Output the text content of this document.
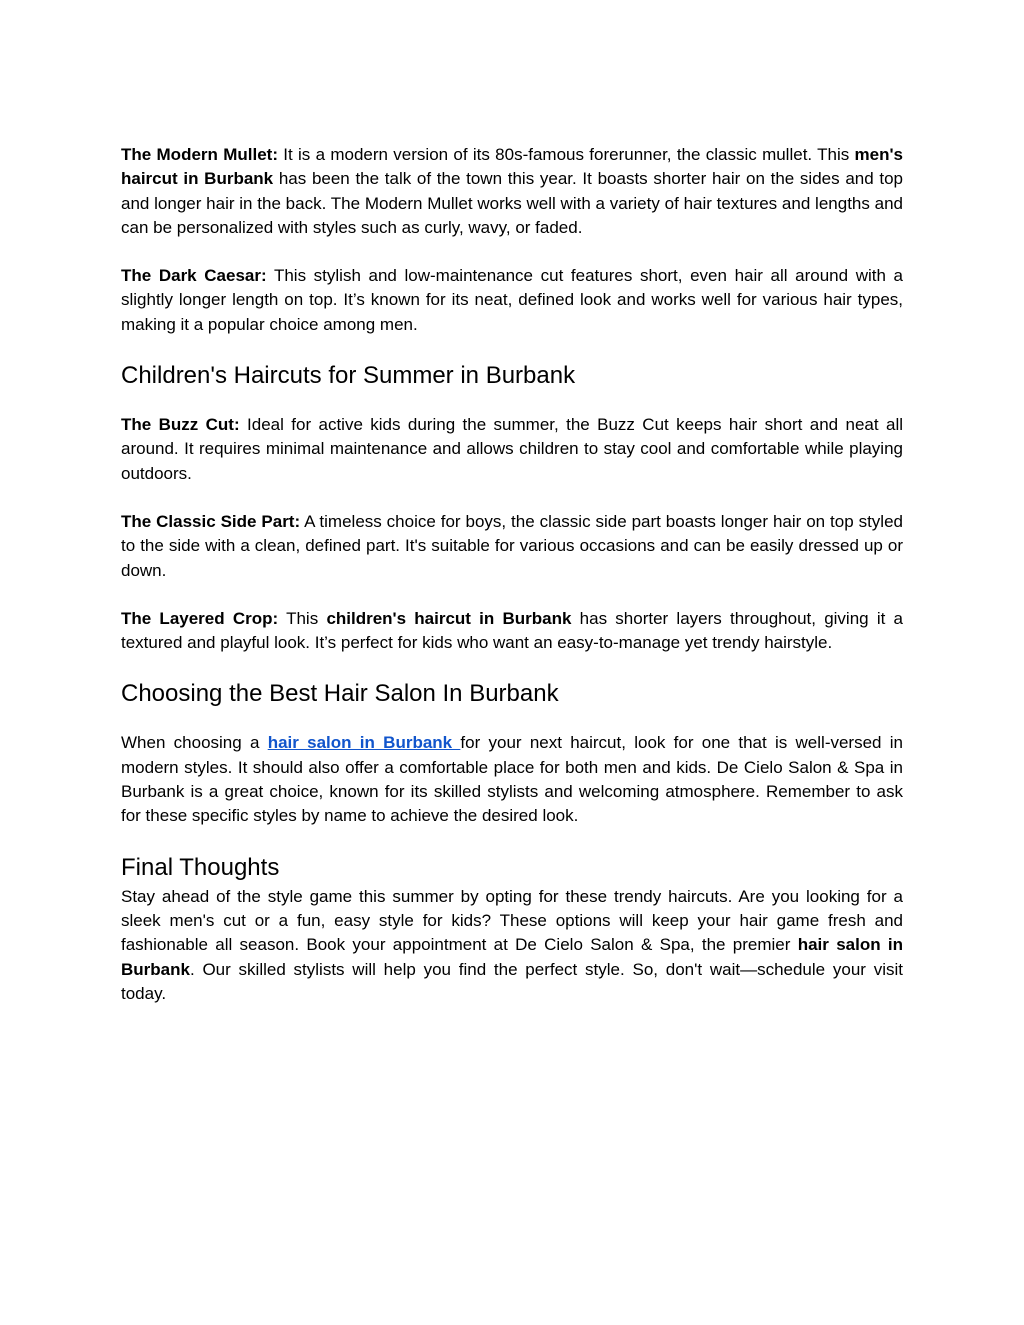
The Modern Mullet: It is a modern version of its 80s-famous forerunner, the classic mullet. This men's haircut in Burbank has been the talk of the town this year. It boasts shorter hair on the sides and top and longer hair in the back. The Modern Mullet works well with a variety of hair textures and lengths and can be personalized with styles such as curly, wavy, or faded.

The Dark Caesar: This stylish and low-maintenance cut features short, even hair all around with a slightly longer length on top. It’s known for its neat, defined look and works well for various hair types, making it a popular choice among men.

Children's Haircuts for Summer in Burbank

The Buzz Cut: Ideal for active kids during the summer, the Buzz Cut keeps hair short and neat all around. It requires minimal maintenance and allows children to stay cool and comfortable while playing outdoors.

The Classic Side Part: A timeless choice for boys, the classic side part boasts longer hair on top styled to the side with a clean, defined part. It's suitable for various occasions and can be easily dressed up or down.

The Layered Crop: This children's haircut in Burbank has shorter layers throughout, giving it a textured and playful look. It’s perfect for kids who want an easy-to-manage yet trendy hairstyle.

Choosing the Best Hair Salon In Burbank

When choosing a hair salon in Burbank for your next haircut, look for one that is well-versed in modern styles. It should also offer a comfortable place for both men and kids. De Cielo Salon & Spa in Burbank is a great choice, known for its skilled stylists and welcoming atmosphere. Remember to ask for these specific styles by name to achieve the desired look.

Final Thoughts

Stay ahead of the style game this summer by opting for these trendy haircuts. Are you looking for a sleek men's cut or a fun, easy style for kids? These options will keep your hair game fresh and fashionable all season. Book your appointment at De Cielo Salon & Spa, the premier hair salon in Burbank. Our skilled stylists will help you find the perfect style. So, don't wait—schedule your visit today.
